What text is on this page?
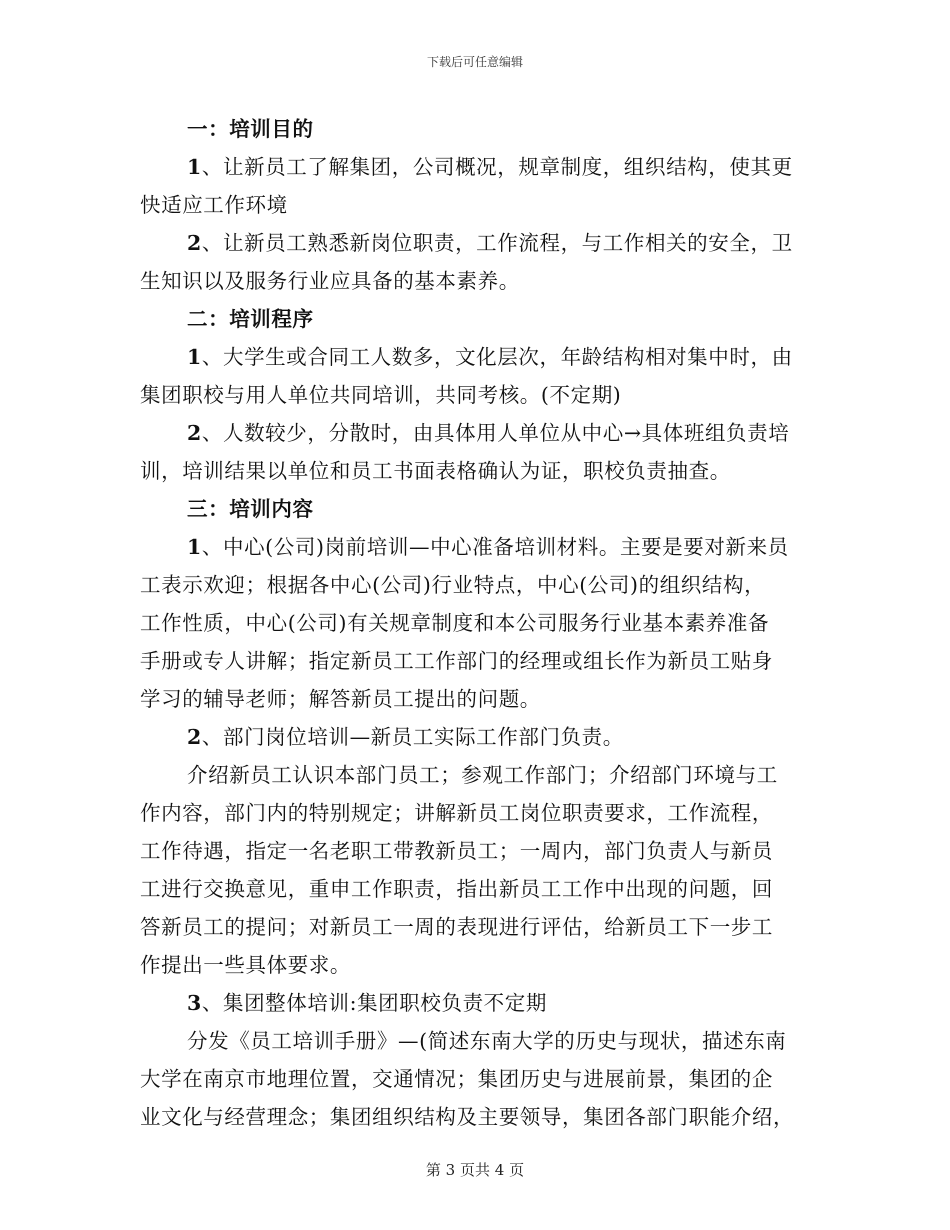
下载后可任意编辑
一：培训目的
1、让新员工了解集团，公司概况，规章制度，组织结构，使其更
快适应工作环境
2、让新员工熟悉新岗位职责，工作流程，与工作相关的安全，卫
生知识以及服务行业应具备的基本素养。
二：培训程序
1、大学生或合同工人数多，文化层次，年龄结构相对集中时，由
集团职校与用人单位共同培训，共同考核。(不定期)
2、人数较少，分散时，由具体用人单位从中心→具体班组负责培
训，培训结果以单位和员工书面表格确认为证，职校负责抽查。
三：培训内容
1、中心(公司)岗前培训—中心准备培训材料。主要是要对新来员
工表示欢迎；根据各中心(公司)行业特点，中心(公司)的组织结构，
工作性质，中心(公司)有关规章制度和本公司服务行业基本素养准备
手册或专人讲解；指定新员工工作部门的经理或组长作为新员工贴身
学习的辅导老师；解答新员工提出的问题。
2、部门岗位培训—新员工实际工作部门负责。
介绍新员工认识本部门员工；参观工作部门；介绍部门环境与工
作内容，部门内的特别规定；讲解新员工岗位职责要求，工作流程，
工作待遇，指定一名老职工带教新员工；一周内，部门负责人与新员
工进行交换意见，重申工作职责，指出新员工工作中出现的问题，回
答新员工的提问；对新员工一周的表现进行评估，给新员工下一步工
作提出一些具体要求。
3、集团整体培训:集团职校负责不定期
分发《员工培训手册》—(简述东南大学的历史与现状，描述东南
大学在南京市地理位置，交通情况；集团历史与进展前景，集团的企
业文化与经营理念；集团组织结构及主要领导，集团各部门职能介绍，
第 3 页共 4 页
